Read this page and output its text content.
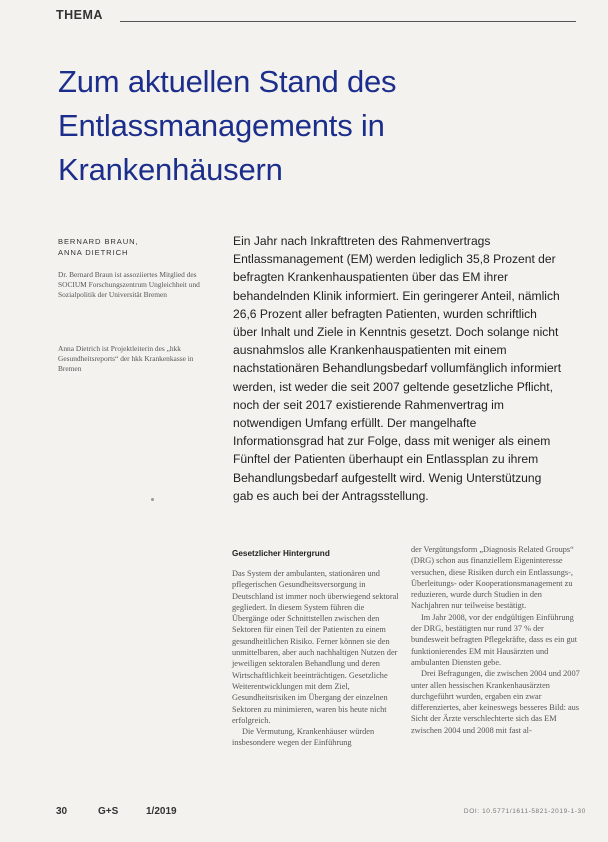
THEMA
Zum aktuellen Stand des Entlassmanagements in Krankenhäusern
BERNARD BRAUN,
ANNA DIETRICH

Dr. Bernard Braun ist assoziiertes Mitglied des SOCIUM Forschungszentrum Ungleichheit und Sozialpolitik der Universität Bremen

Anna Dietrich ist Projektleiterin des „hkk Gesundheitsreports“ der hkk Krankenkasse in Bremen

Ein Jahr nach Inkrafttreten des Rahmenvertrags Entlassmanagement (EM) werden lediglich 35,8 Prozent der befragten Krankenhauspatienten über das EM ihrer behandelnden Klinik informiert. Ein geringerer Anteil, nämlich 26,6 Prozent aller befragten Patienten, wurden schriftlich über Inhalt und Ziele in Kenntnis gesetzt. Doch solange nicht ausnahmslos alle Krankenhauspatienten mit einem nachstationären Behandlungsbedarf vollumfänglich informiert werden, ist weder die seit 2007 geltende gesetzliche Pflicht, noch der seit 2017 existierende Rahmenvertrag im notwendigen Umfang erfüllt. Der mangelhafte Informationsgrad hat zur Folge, dass mit weniger als einem Fünftel der Patienten überhaupt ein Entlassplan zu ihrem Behandlungsbedarf aufgestellt wird. Wenig Unterstützung gab es auch bei der Antragsstellung.

Gesetzlicher Hintergrund

Das System der ambulanten, stationären und pflegerischen Gesundheitsversorgung in Deutschland ist immer noch überwiegend sektoral gegliedert. In diesem System führen die Übergänge oder Schnittstellen zwischen den Sektoren für einen Teil der Patienten zu einem gesundheitlichen Risiko. Ferner können sie den unmittelbaren, aber auch nachhaltigen Nutzen der jeweiligen sektoralen Behandlung und deren Wirtschaftlichkeit beeinträchtigen. Gesetzliche Weiterentwicklungen mit dem Ziel, Gesundheitsrisiken im Übergang der einzelnen Sektoren zu minimieren, waren bis heute nicht erfolgreich.

Die Vermutung, Krankenhäuser würden insbesondere wegen der Einführung

der Vergütungsform „Diagnosis Related Groups“ (DRG) schon aus finanziellem Eigeninteresse versuchen, diese Risiken durch ein Entlassungs-, Überleitungs- oder Kooperationsmanagement zu reduzieren, wurde durch Studien in den Nachjahren nur teilweise bestätigt.

Im Jahr 2008, vor der endgültigen Einführung der DRG, bestätigten nur rund 37 % der bundesweit befragten Pflegekräfte, dass es ein gut funktionierendes EM mit Hausärzten und ambulanten Diensten gebe.

Drei Befragungen, die zwischen 2004 und 2007 unter allen hessischen Krankenhausärzten durchgeführt wurden, ergaben ein zwar differenziertes, aber keineswegs besseres Bild: aus Sicht der Ärzte verschlechterte sich das EM zwischen 2004 und 2008 mit fast al-

30	G+S	1/2019	DOI: 10.5771/1611-5821-2019-1-30
